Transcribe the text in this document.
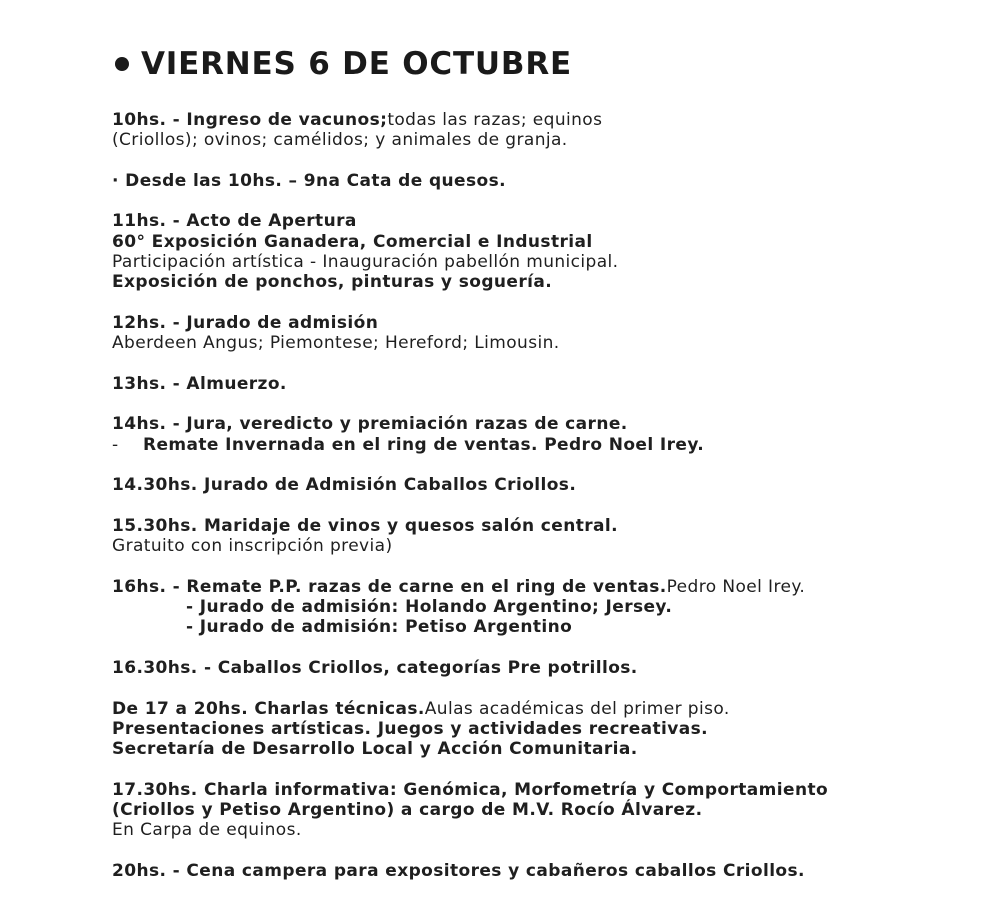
VIERNES 6 DE OCTUBRE
10hs. - Ingreso de vacunos;todas las razas; equinos
(Criollos); ovinos; camélidos; y animales de granja.
· Desde las 10hs. – 9na Cata de quesos.
11hs. - Acto de Apertura
60° Exposición Ganadera, Comercial e Industrial
Participación artística - Inauguración pabellón municipal.
Exposición de ponchos, pinturas y soguería.
12hs. - Jurado de admisión
Aberdeen Angus; Piemontese; Hereford; Limousin.
13hs. - Almuerzo.
14hs. - Jura, veredicto y premiación razas de carne.
- Remate Invernada en el ring de ventas. Pedro Noel Irey.
14.30hs. Jurado de Admisión Caballos Criollos.
15.30hs. Maridaje de vinos y quesos salón central.
Gratuito con inscripción previa)
16hs. - Remate P.P. razas de carne en el ring de ventas.Pedro Noel Irey.
- Jurado de admisión: Holando Argentino; Jersey.
- Jurado de admisión: Petiso Argentino
16.30hs. - Caballos Criollos, categorías Pre potrillos.
De 17 a 20hs. Charlas técnicas.Aulas académicas del primer piso.
Presentaciones artísticas. Juegos y actividades recreativas.
Secretaría de Desarrollo Local y Acción Comunitaria.
17.30hs. Charla informativa: Genómica, Morfometría y Comportamiento
(Criollos y Petiso Argentino) a cargo de M.V. Rocío Álvarez.
En Carpa de equinos.
20hs. - Cena campera para expositores y cabañeros caballos Criollos.
